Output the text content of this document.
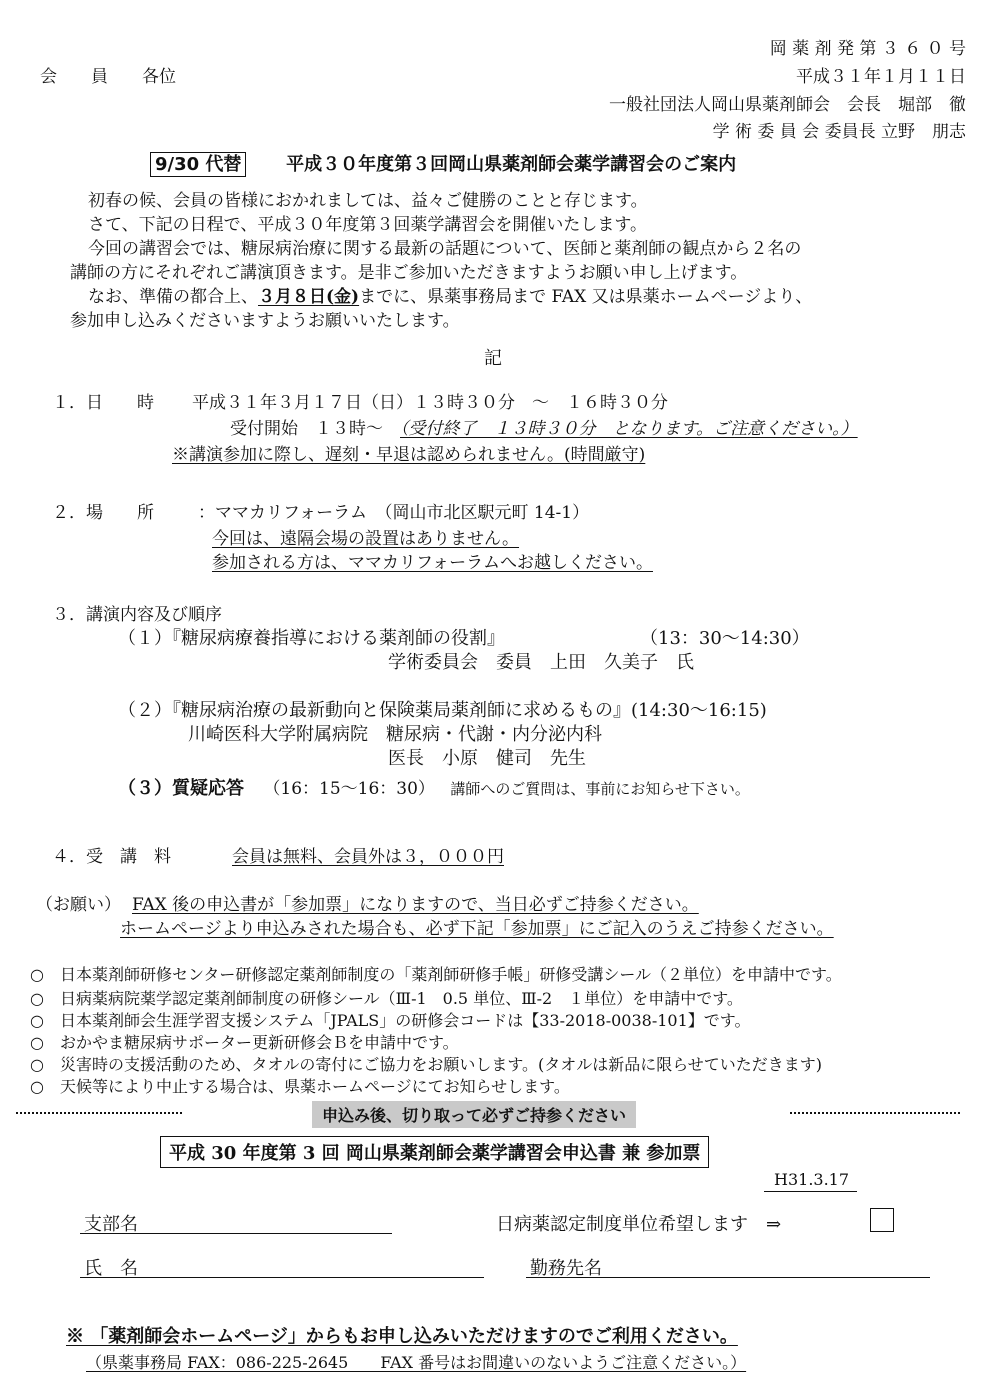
岡 薬 剤 発 第 ３ ６ ０ 号
会　　員　　各位	平成３１年１月１１日
一般社団法人岡山県薬剤師会　会長　堀部　徹
学 術 委 員 会 委員長 立野　朋志
9/30 代替 平成３０年度第３回岡山県薬剤師会薬学講習会のご案内
初春の候、会員の皆様におかれましては、益々ご健勝のことと存じます。
さて、下記の日程で、平成３０年度第３回薬学講習会を開催いたします。
今回の講習会では、糖尿病治療に関する最新の話題について、医師と薬剤師の観点から２名の
講師の方にそれぞれご講演頂きます。是非ご参加いただきますようお願い申し上げます。
なお、準備の都合上、３月８日(金)までに、県薬事務局まで FAX 又は県薬ホームページより、
参加申し込みくださいますようお願いいたします。
記
１．日　　時 平成３１年３月１７日（日）１３時３０分　～　１６時３０分
受付開始　１３時～　（受付終了　１３時３０分　となります。ご注意ください。）
※講演参加に際し、遅刻・早退は認められません。(時間厳守)
２．場　　所	：ママカリフォーラム　（岡山市北区駅元町 14-1）
今回は、遠隔会場の設置はありません。
参加される方は、ママカリフォーラムへお越しください。
３．講演内容及び順序
（１）『糖尿病療養指導における薬剤師の役割』	（13：30～14:30）
学術委員会　委員　上田　久美子　氏
（２）『糖尿病治療の最新動向と保険薬局薬剤師に求めるもの』(14:30～16:15)
川崎医科大学附属病院　糖尿病・代謝・内分泌内科
医長　小原　健司　先生
（３）質疑応答 （16：15～16：30） 講師へのご質問は、事前にお知らせ下さい。
４．受　講　料	会員は無料、会員外は３，０００円
（お願い） FAX 後の申込書が「参加票」になりますので、当日必ずご持参ください。
ホームページより申込みされた場合も、必ず下記「参加票」にご記入のうえご持参ください。
○　日本薬剤師研修センター研修認定薬剤師制度の「薬剤師研修手帳」研修受講シール（２単位）を申請中です。
○　日病薬病院薬学認定薬剤師制度の研修シール（Ⅲ-1　0.5 単位、Ⅲ-2　１単位）を申請中です。
○　日本薬剤師会生涯学習支援システム「JPALS」の研修会コードは【33-2018-0038-101】です。
○　おかやま糖尿病サポーター更新研修会Ｂを申請中です。
○　災害時の支援活動のため、タオルの寄付にご協力をお願いします。(タオルは新品に限らせていただきます)
○　天候等により中止する場合は、県薬ホームページにてお知らせします。
申込み後、切り取って必ずご持参ください
平成 30 年度第 3 回 岡山県薬剤師会薬学講習会申込書 兼 参加票
H31.3.17
支部名	日病薬認定制度単位希望します　⇒
氏　名	勤務先名
※ 「薬剤師会ホームページ」からもお申し込みいただけますのでご利用ください。
（県薬事務局 FAX：086-225-2645　　FAX 番号はお間違いのないようご注意ください。）
